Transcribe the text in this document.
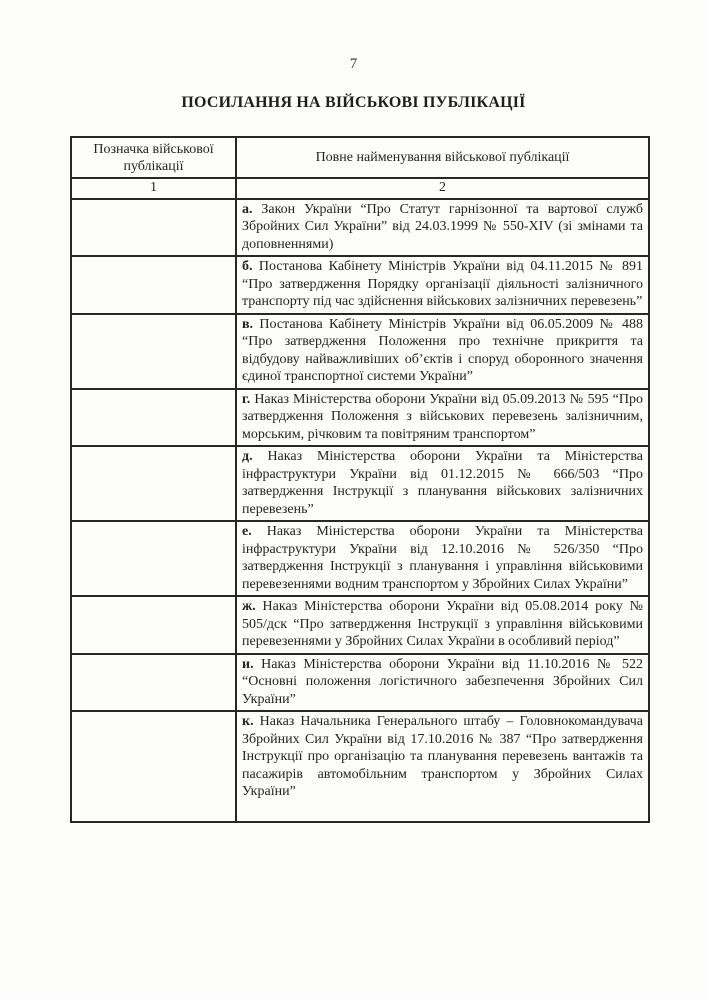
7
ПОСИЛАННЯ НА ВІЙСЬКОВІ ПУБЛІКАЦІЇ
Позначка військової публікації	Повне найменування військової публікації
1	2
	а. Закон України “Про Статут гарнізонної та вартової служб Збройних Сил України” від 24.03.1999 № 550-XIV (зі змінами та доповненнями)
	б. Постанова Кабінету Міністрів України від 04.11.2015 № 891 “Про затвердження Порядку організації діяльності залізничного транспорту під час здійснення військових залізничних перевезень”
	в. Постанова Кабінету Міністрів України від 06.05.2009 № 488 “Про затвердження Положення про технічне прикриття та відбудову найважливіших об’єктів і споруд оборонного значення єдиної транспортної системи України”
	г. Наказ Міністерства оборони України від 05.09.2013 № 595 “Про затвердження Положення з військових перевезень залізничним, морським, річковим та повітряним транспортом”
	д. Наказ Міністерства оборони України та Міністерства інфраструктури України від 01.12.2015 № 666/503 “Про затвердження Інструкції з планування військових залізничних перевезень”
	е. Наказ Міністерства оборони України та Міністерства інфраструктури України від 12.10.2016 № 526/350 “Про затвердження Інструкції з планування і управління військовими перевезеннями водним транспортом у Збройних Силах України”
	ж. Наказ Міністерства оборони України від 05.08.2014 року № 505/дск “Про затвердження Інструкції з управління військовими перевезеннями у Збройних Силах України в особливий період”
	и. Наказ Міністерства оборони України від 11.10.2016 № 522 “Основні положення логістичного забезпечення Збройних Сил України”
	к. Наказ Начальника Генерального штабу – Головнокомандувача Збройних Сил України від 17.10.2016 № 387 “Про затвердження Інструкції про організацію та планування перевезень вантажів та пасажирів автомобільним транспортом у Збройних Силах України”
